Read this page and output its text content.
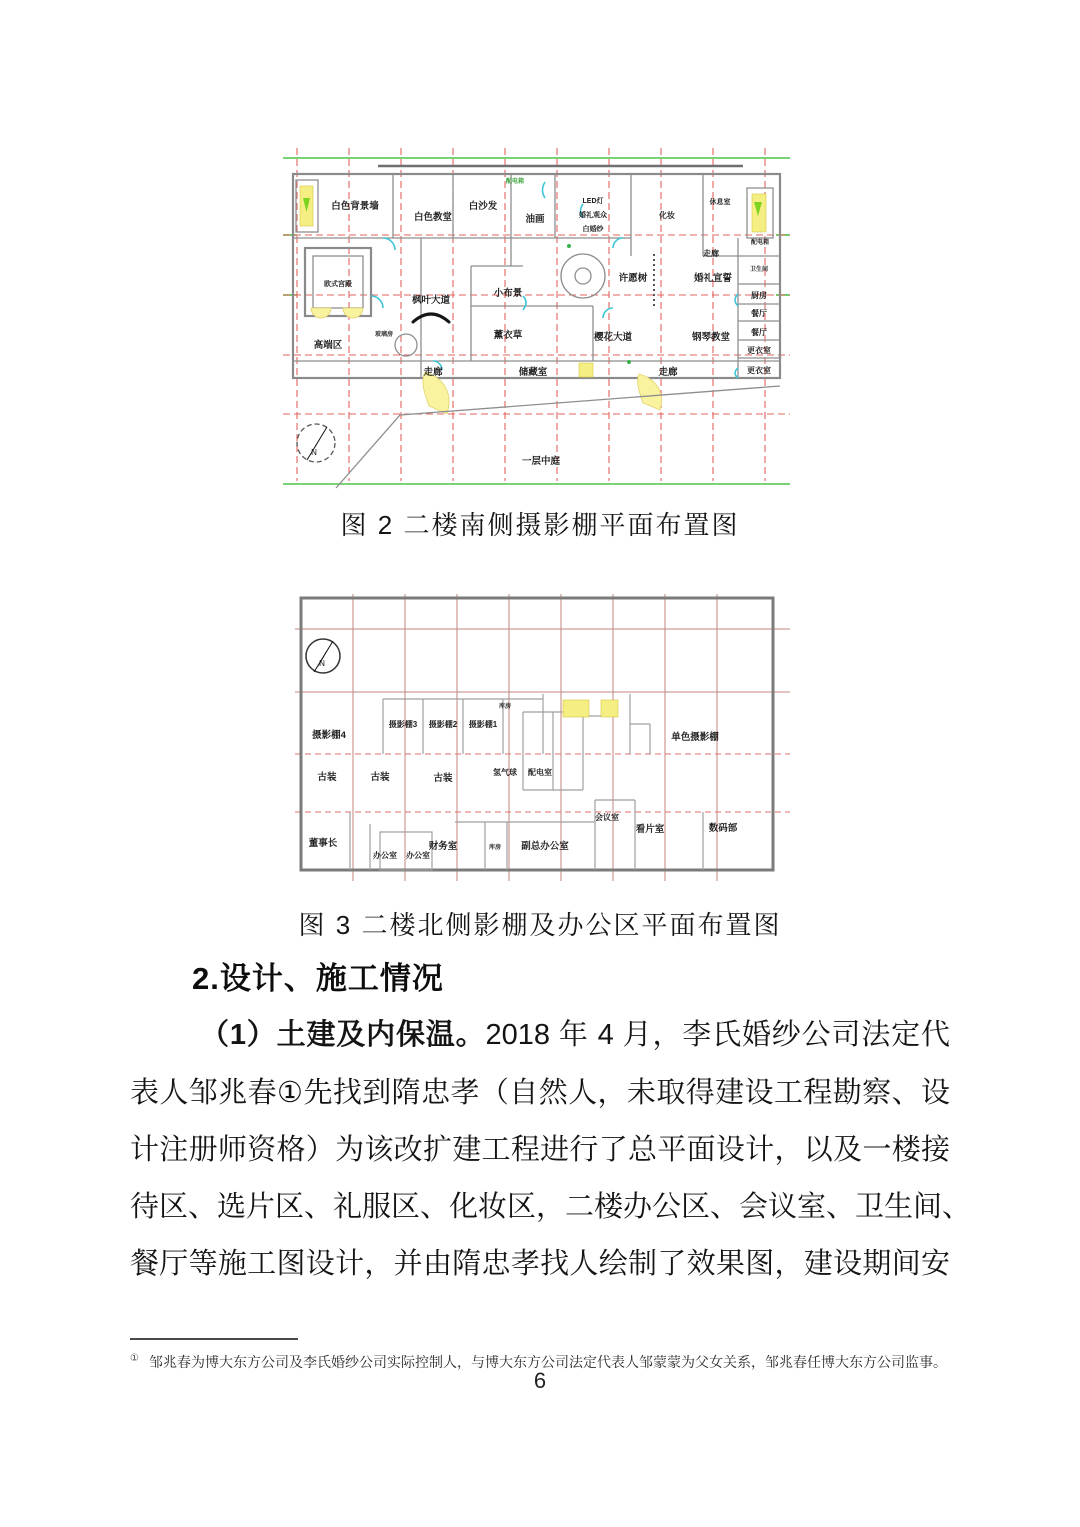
N
白色背景墙
白色教堂
白沙发
油画
LED灯
婚礼观众
白婚纱
化妆
休息室
配电箱
配电箱
走廊
许愿树	婚礼宣誓
卫生间
厨房
餐厅
餐厅
更衣室
更衣室
钢琴教堂
樱花大道
薰衣草
小布景
枫叶大道
欧式宫殿
高端区
玻璃房
走廊	储藏室	走廊
一层中庭
图 2 二楼南侧摄影棚平面布置图
N
摄影棚4
摄影棚3 摄影棚2 摄影棚1
库房
单色摄影棚
古装	古装	古装
氢气球 配电室
会议室
看片室	数码部
董事长
办公室 办公室
财务室	库房 副总办公室
图 3 二楼北侧影棚及办公区平面布置图
2.设计、施工情况
（1）土建及内保温。2018 年 4 月，李氏婚纱公司法定代
表人邹兆春①先找到隋忠孝（自然人，未取得建设工程勘察、设
计注册师资格）为该改扩建工程进行了总平面设计，以及一楼接
待区、选片区、礼服区、化妆区，二楼办公区、会议室、卫生间、
餐厅等施工图设计，并由隋忠孝找人绘制了效果图，建设期间安
① 邹兆春为博大东方公司及李氏婚纱公司实际控制人，与博大东方公司法定代表人邹蒙蒙为父女关系，邹兆春任博大东方公司监事。
6
